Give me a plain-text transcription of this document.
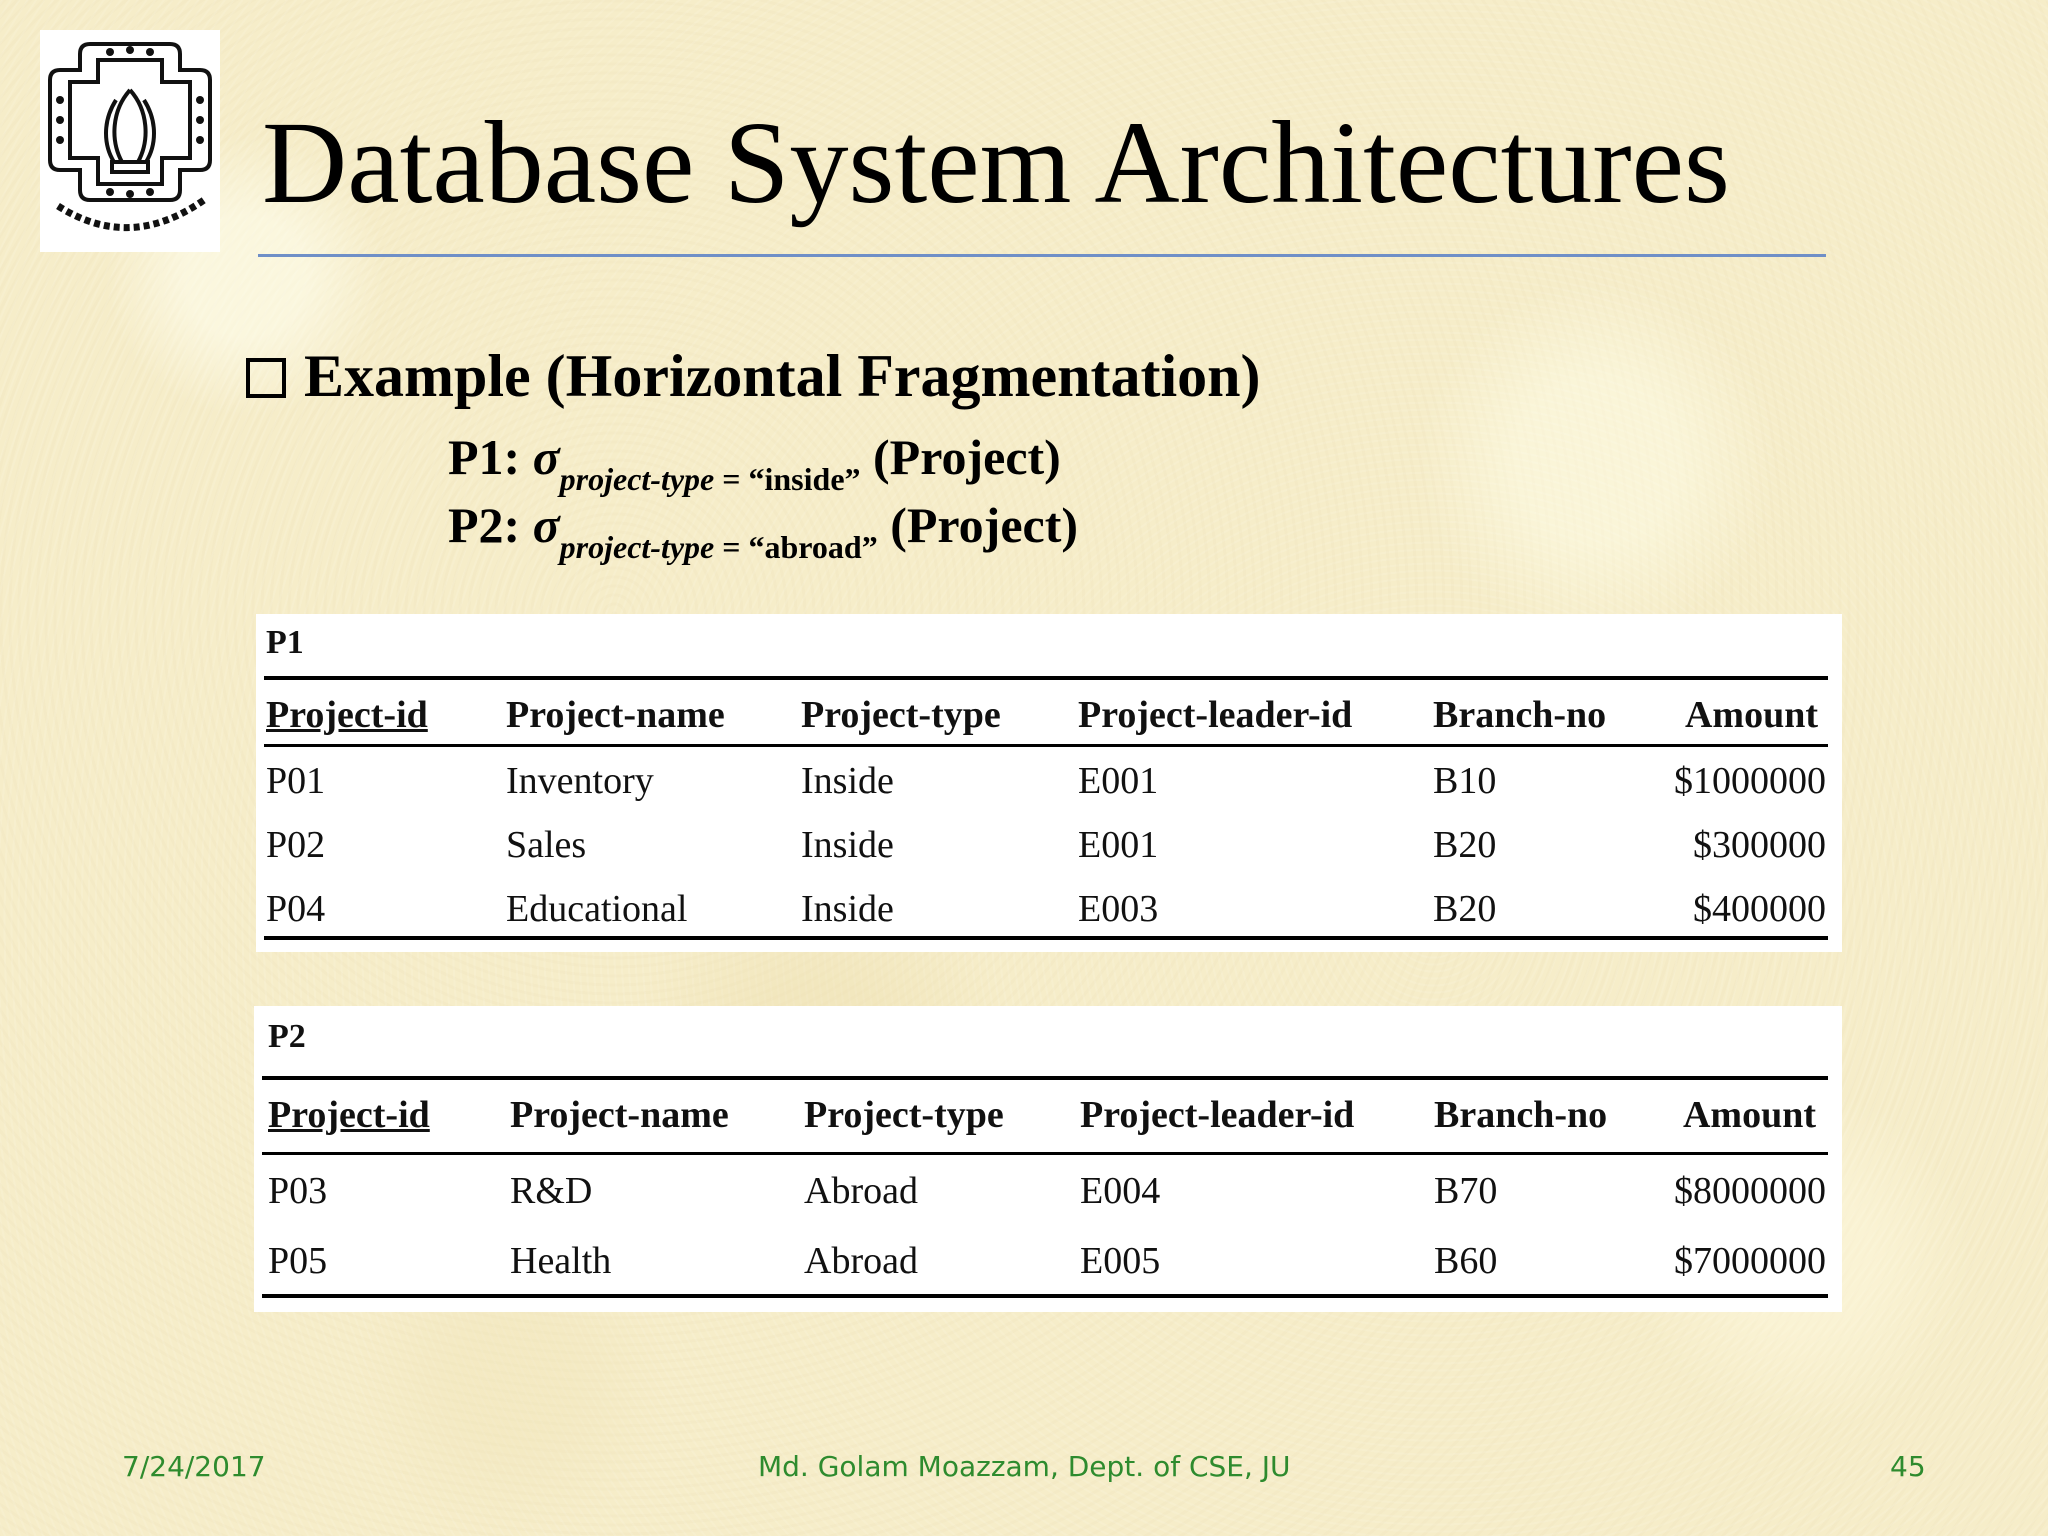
Database System Architectures
Example (Horizontal Fragmentation)
P1: $\sigma_{project-type = “inside”}$ (Project)
P2: $\sigma_{project-type = “abroad”}$ (Project)
P1
Project-id Project-name Project-type Project-leader-id Branch-no Amount
P01	Inventory	Inside	E001	B10	$1000000
P02	Sales	Inside	E001	B20	$300000
P04	Educational	Inside	E003	B20	$400000
P2
Project-id Project-name Project-type Project-leader-id Branch-no Amount
P03	R&D	Abroad	E004	B70	$8000000
P05	Health	Abroad	E005	B60	$7000000
7/24/2017	Md. Golam Moazzam, Dept. of CSE, JU	45
